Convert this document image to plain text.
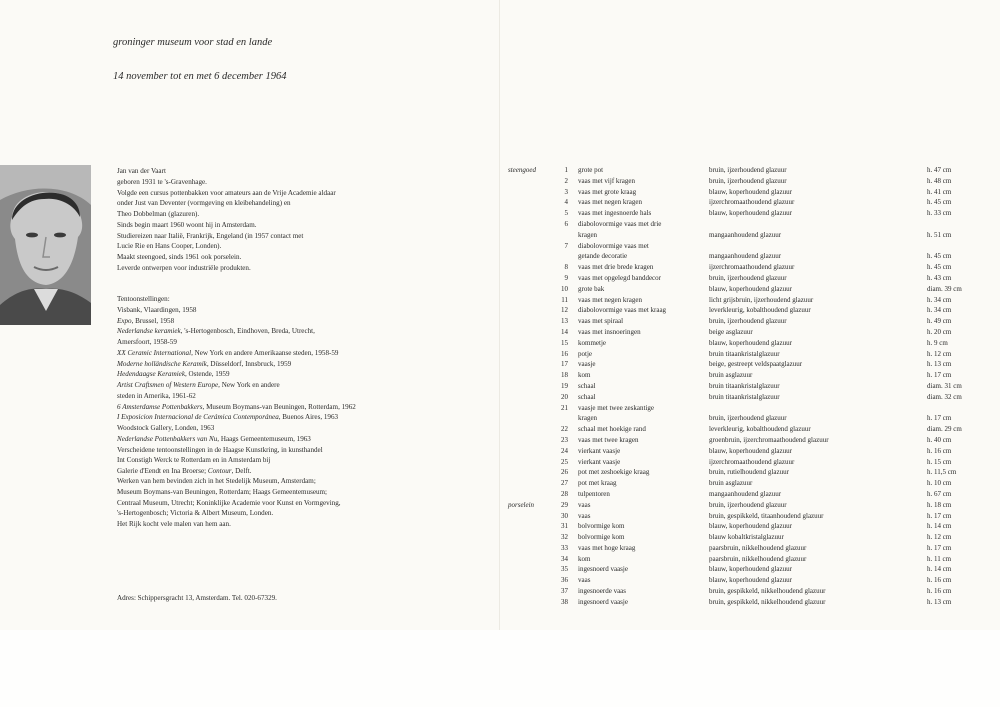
groninger museum voor stad en lande
14 november tot en met 6 december 1964
Jan van der Vaart
geboren 1931 te 's-Gravenhage.
Volgde een cursus pottenbakken voor amateurs aan de Vrije Academie aldaar
onder Just van Deventer (vormgeving en kleibehandeling) en
Theo Dobbelman (glazuren).
Sinds begin maart 1960 woont hij in Amsterdam.
Studiereizen naar Italië, Frankrijk, Engeland (in 1957 contact met
Lucie Rie en Hans Cooper, Londen).
Maakt steengoed, sinds 1961 ook porselein.
Leverde ontwerpen voor industriële produkten.
Tentoonstellingen:
Visbank, Vlaardingen, 1958
Expo, Brussel, 1958
Nederlandse keramiek, 's-Hertogenbosch, Eindhoven, Breda, Utrecht,
Amersfoort, 1958-59
XX Ceramic International, New York en andere Amerikaanse steden, 1958-59
Moderne holländische Keramik, Düsseldorf, Innsbruck, 1959
Hedendaagse Keramiek, Ostende, 1959
Artist Craftsmen of Western Europe, New York en andere
steden in Amerika, 1961-62
6 Amsterdamse Pottenbakkers, Museum Boymans-van Beuningen, Rotterdam, 1962
I Exposicion Internacional de Cerámica Contemporánea, Buenos Aires, 1963
Woodstock Gallery, Londen, 1963
Nederlandse Pottenbakkers van Nu, Haags Gemeentemuseum, 1963
Verscheidene tentoonstellingen in de Haagse Kunstkring, in kunsthandel
Int Constigh Werck te Rotterdam en in Amsterdam bij
Galerie d'Eendt en Ina Broerse; Contour, Delft.
Werken van hem bevinden zich in het Stedelijk Museum, Amsterdam;
Museum Boymans-van Beuningen, Rotterdam; Haags Gemeentemuseum;
Centraal Museum, Utrecht; Koninklijke Academie voor Kunst en Vormgeving,
's-Hertogenbosch; Victoria & Albert Museum, Londen.
Het Rijk kocht vele malen van hem aan.
Adres: Schippersgracht 13, Amsterdam. Tel. 020-67329.
steengoed	1 grote pot	bruin, ijzerhoudend glazuur	h. 47 cm
2 vaas met vijf kragen	bruin, ijzerhoudend glazuur	h. 48 cm
3 vaas met grote kraag	blauw, koperhoudend glazuur	h. 41 cm
4 vaas met negen kragen	ijzerchromaathoudend glazuur	h. 45 cm
5 vaas met ingesnoerde hals	blauw, koperhoudend glazuur	h. 33 cm
6 diabolovormige vaas met drie
kragen	mangaanhoudend glazuur	h. 51 cm
7 diabolovormige vaas met
getande decoratie	mangaanhoudend glazuur	h. 45 cm
8 vaas met drie brede kragen	ijzerchromaathoudend glazuur	h. 45 cm
9 vaas met opgelegd banddecor	bruin, ijzerhoudend glazuur	h. 43 cm
10 grote bak	blauw, koperhoudend glazuur	diam. 39 cm
11 vaas met negen kragen	licht grijsbruin, ijzerhoudend glazuur	h. 34 cm
12 diabolovormige vaas met kraag	leverkleurig, kobalthoudend glazuur	h. 34 cm
13 vaas met spiraal	bruin, ijzerhoudend glazuur	h. 49 cm
14 vaas met insnoeringen	beige asglazuur	h. 20 cm
15 kommetje	blauw, koperhoudend glazuur	h. 9 cm
16 potje	bruin titaankristalglazuur	h. 12 cm
17 vaasje	beige, gestreept veldspaatglazuur	h. 13 cm
18 kom	bruin asglazuur	h. 17 cm
19 schaal	bruin titaankristalglazuur	diam. 31 cm
20 schaal	bruin titaankristalglazuur	diam. 32 cm
21 vaasje met twee zeskantige
kragen	bruin, ijzerhoudend glazuur	h. 17 cm
22 schaal met hoekige rand	leverkleurig, kobalthoudend glazuur	diam. 29 cm
23 vaas met twee kragen	groenbruin, ijzerchromaathoudend glazuur	h. 40 cm
24 vierkant vaasje	blauw, koperhoudend glazuur	h. 16 cm
25 vierkant vaasje	ijzerchromaathoudend glazuur	h. 15 cm
26 pot met zeshoekige kraag	bruin, rutielhoudend glazuur	h. 11,5 cm
27 pot met kraag	bruin asglazuur	h. 10 cm
28 tulpentoren	mangaanhoudend glazuur	h. 67 cm
porselein	29 vaas	bruin, ijzerhoudend glazuur	h. 18 cm
30 vaas	bruin, gespikkeld, titaanhoudend glazuur	h. 17 cm
31 bolvormige kom	blauw, koperhoudend glazuur	h. 14 cm
32 bolvormige kom	blauw kobaltkristalglazuur	h. 12 cm
33 vaas met hoge kraag	paarsbruin, nikkelhoudend glazuur	h. 17 cm
34 kom	paarsbruin, nikkelhoudend glazuur	h. 11 cm
35 ingesnoerd vaasje	blauw, koperhoudend glazuur	h. 14 cm
36 vaas	blauw, koperhoudend glazuur	h. 16 cm
37 ingesnoerde vaas	bruin, gespikkeld, nikkelhoudend glazuur	h. 16 cm
38 ingesnoerd vaasje	bruin, gespikkeld, nikkelhoudend glazuur	h. 13 cm
